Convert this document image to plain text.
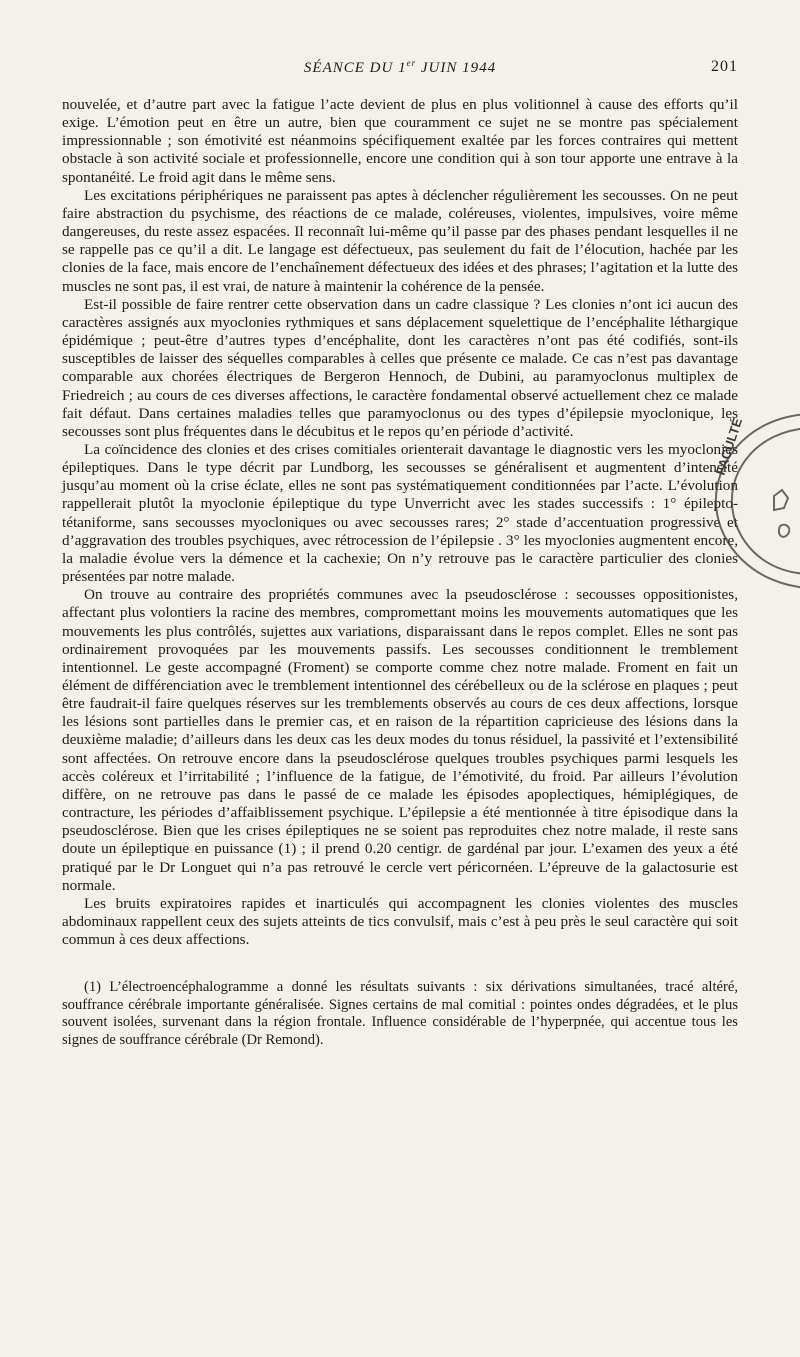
SÉANCE DU 1er JUIN 1944	201

nouvelée, et d’autre part avec la fatigue l’acte devient de plus en plus volitionnel à cause des efforts qu’il exige. L’émotion peut en être un autre, bien que couramment ce sujet ne se montre pas spécialement impressionnable ; son émotivité est néanmoins spécifiquement exaltée par les forces contraires qui mettent obstacle à son activité sociale et professionnelle, encore une condition qui à son tour apporte une entrave à la spontanéité. Le froid agit dans le même sens.

Les excitations périphériques ne paraissent pas aptes à déclencher régulièrement les secousses. On ne peut faire abstraction du psychisme, des réactions de ce malade, coléreuses, violentes, impulsives, voire même dangereuses, du reste assez espacées. Il reconnaît lui-même qu’il passe par des phases pendant lesquelles il ne se rappelle pas ce qu’il a dit. Le langage est défectueux, pas seulement du fait de l’élocution, hachée par les clonies de la face, mais encore de l’enchaînement défectueux des idées et des phrases; l’agitation et la lutte des muscles ne sont pas, il est vrai, de nature à maintenir la cohérence de la pensée.

Est-il possible de faire rentrer cette observation dans un cadre classique ? Les clonies n’ont ici aucun des caractères assignés aux myoclonies rythmiques et sans déplacement squelettique de l’encéphalite léthargique épidémique ; peut-être d’autres types d’encéphalite, dont les caractères n’ont pas été codifiés, sont-ils susceptibles de laisser des séquelles comparables à celles que présente ce malade. Ce cas n’est pas davantage comparable aux chorées électriques de Bergeron Hennoch, de Dubini, au paramyoclonus multiplex de Friedreich ; au cours de ces diverses affections, le caractère fondamental observé actuellement chez ce malade fait défaut. Dans certaines maladies telles que paramyoclonus ou des types d’épilepsie myoclonique, les secousses sont plus fréquentes dans le décubitus et le repos qu’en période d’activité.

La coïncidence des clonies et des crises comitiales orienterait davantage le diagnostic vers les myoclonies épileptiques. Dans le type décrit par Lundborg, les secousses se généralisent et augmentent d’intensité jusqu’au moment où la crise éclate, elles ne sont pas systématiquement conditionnées par l’acte. L’évolution rappellerait plutôt la myoclonie épileptique du type Unverricht avec les stades successifs : 1° épilepto-tétaniforme, sans secousses myocloniques ou avec secousses rares; 2° stade d’accentuation progressive et d’aggravation des troubles psychiques, avec rétrocession de l’épilepsie . 3° les myoclonies augmentent encore, la maladie évolue vers la démence et la cachexie; On n’y retrouve pas le caractère particulier des clonies présentées par notre malade.

On trouve au contraire des propriétés communes avec la pseudosclérose : secousses oppositionistes, affectant plus volontiers la racine des membres, compromettant moins les mouvements automatiques que les mouvements les plus contrôlés, sujettes aux variations, disparaissant dans le repos complet. Elles ne sont pas ordinairement provoquées par les mouvements passifs. Les secousses conditionnent le tremblement intentionnel. Le geste accompagné (Froment) se comporte comme chez notre malade. Froment en fait un élément de différenciation avec le tremblement intentionnel des cérébelleux ou de la sclérose en plaques ; peut être faudrait-il faire quelques réserves sur les tremblements observés au cours de ces deux affections, lorsque les lésions sont partielles dans le premier cas, et en raison de la répartition capricieuse des lésions dans la deuxième maladie; d’ailleurs dans les deux cas les deux modes du tonus résiduel, la passivité et l’extensibilité sont affectées. On retrouve encore dans la pseudosclérose quelques troubles psychiques parmi lesquels les accès coléreux et l’irritabilité ; l’influence de la fatigue, de l’émotivité, du froid. Par ailleurs l’évolution diffère, on ne retrouve pas dans le passé de ce malade les épisodes apoplectiques, hémiplégiques, de contracture, les périodes d’affaiblissement psychique. L’épilepsie a été mentionnée à titre épisodique dans la pseudosclérose. Bien que les crises épileptiques ne se soient pas reproduites chez notre malade, il reste sans doute un épileptique en puissance (1) ; il prend 0.20 centigr. de gardénal par jour. L’examen des yeux a été pratiqué par le Dr Longuet qui n’a pas retrouvé le cercle vert péricornéen. L’épreuve de la galactosurie est normale.

Les bruits expiratoires rapides et inarticulés qui accompagnent les clonies violentes des muscles abdominaux rappellent ceux des sujets atteints de tics convulsif, mais c’est à peu près le seul caractère qui soit commun à ces deux affections.

(1) L’électroencéphalogramme a donné les résultats suivants : six dérivations simultanées, tracé altéré, souffrance cérébrale importante généralisée. Signes certains de mal comitial : pointes ondes dégradées, et le plus souvent isolées, survenant dans la région frontale. Influence considérable de l’hyperpnée, qui accentue tous les signes de souffrance cérébrale (Dr Remond).

FACULTÉ
